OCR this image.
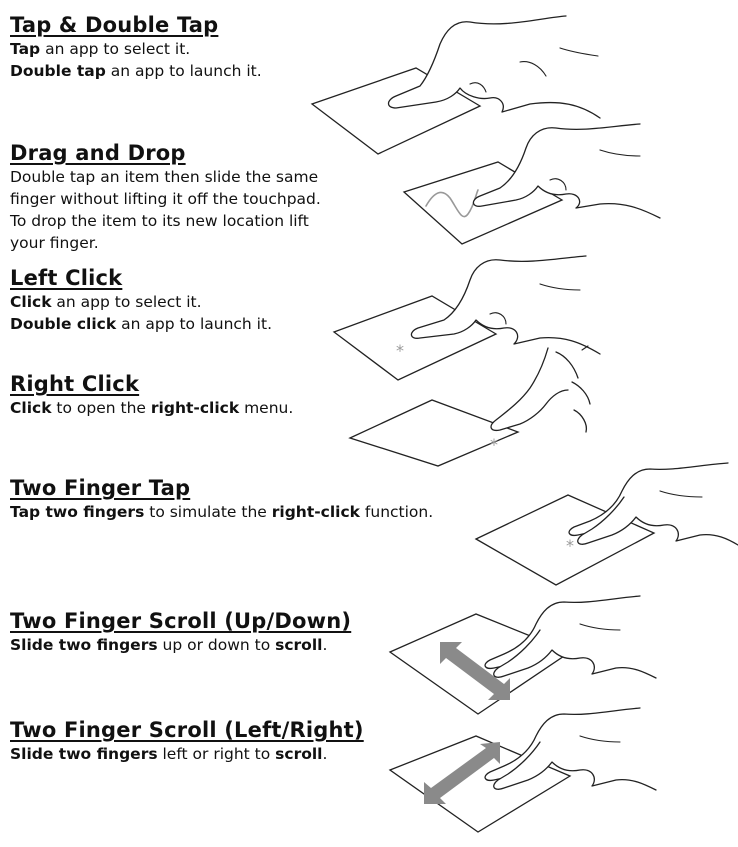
Tap & Double Tap
Tap an app to select it.
Double tap an app to launch it.
Drag and Drop
Double tap an item then slide the same
finger without lifting it off the touchpad.
To drop the item to its new location lift
your finger.
Left Click
Click an app to select it.
Double click an app to launch it.
Right Click
Click to open the right-click menu.
Two Finger Tap
Tap two fingers to simulate the right-click function.
Two Finger Scroll (Up/Down)
Slide two fingers up or down to scroll.
Two Finger Scroll (Left/Right)
Slide two fingers left or right to scroll.
*
*
*
